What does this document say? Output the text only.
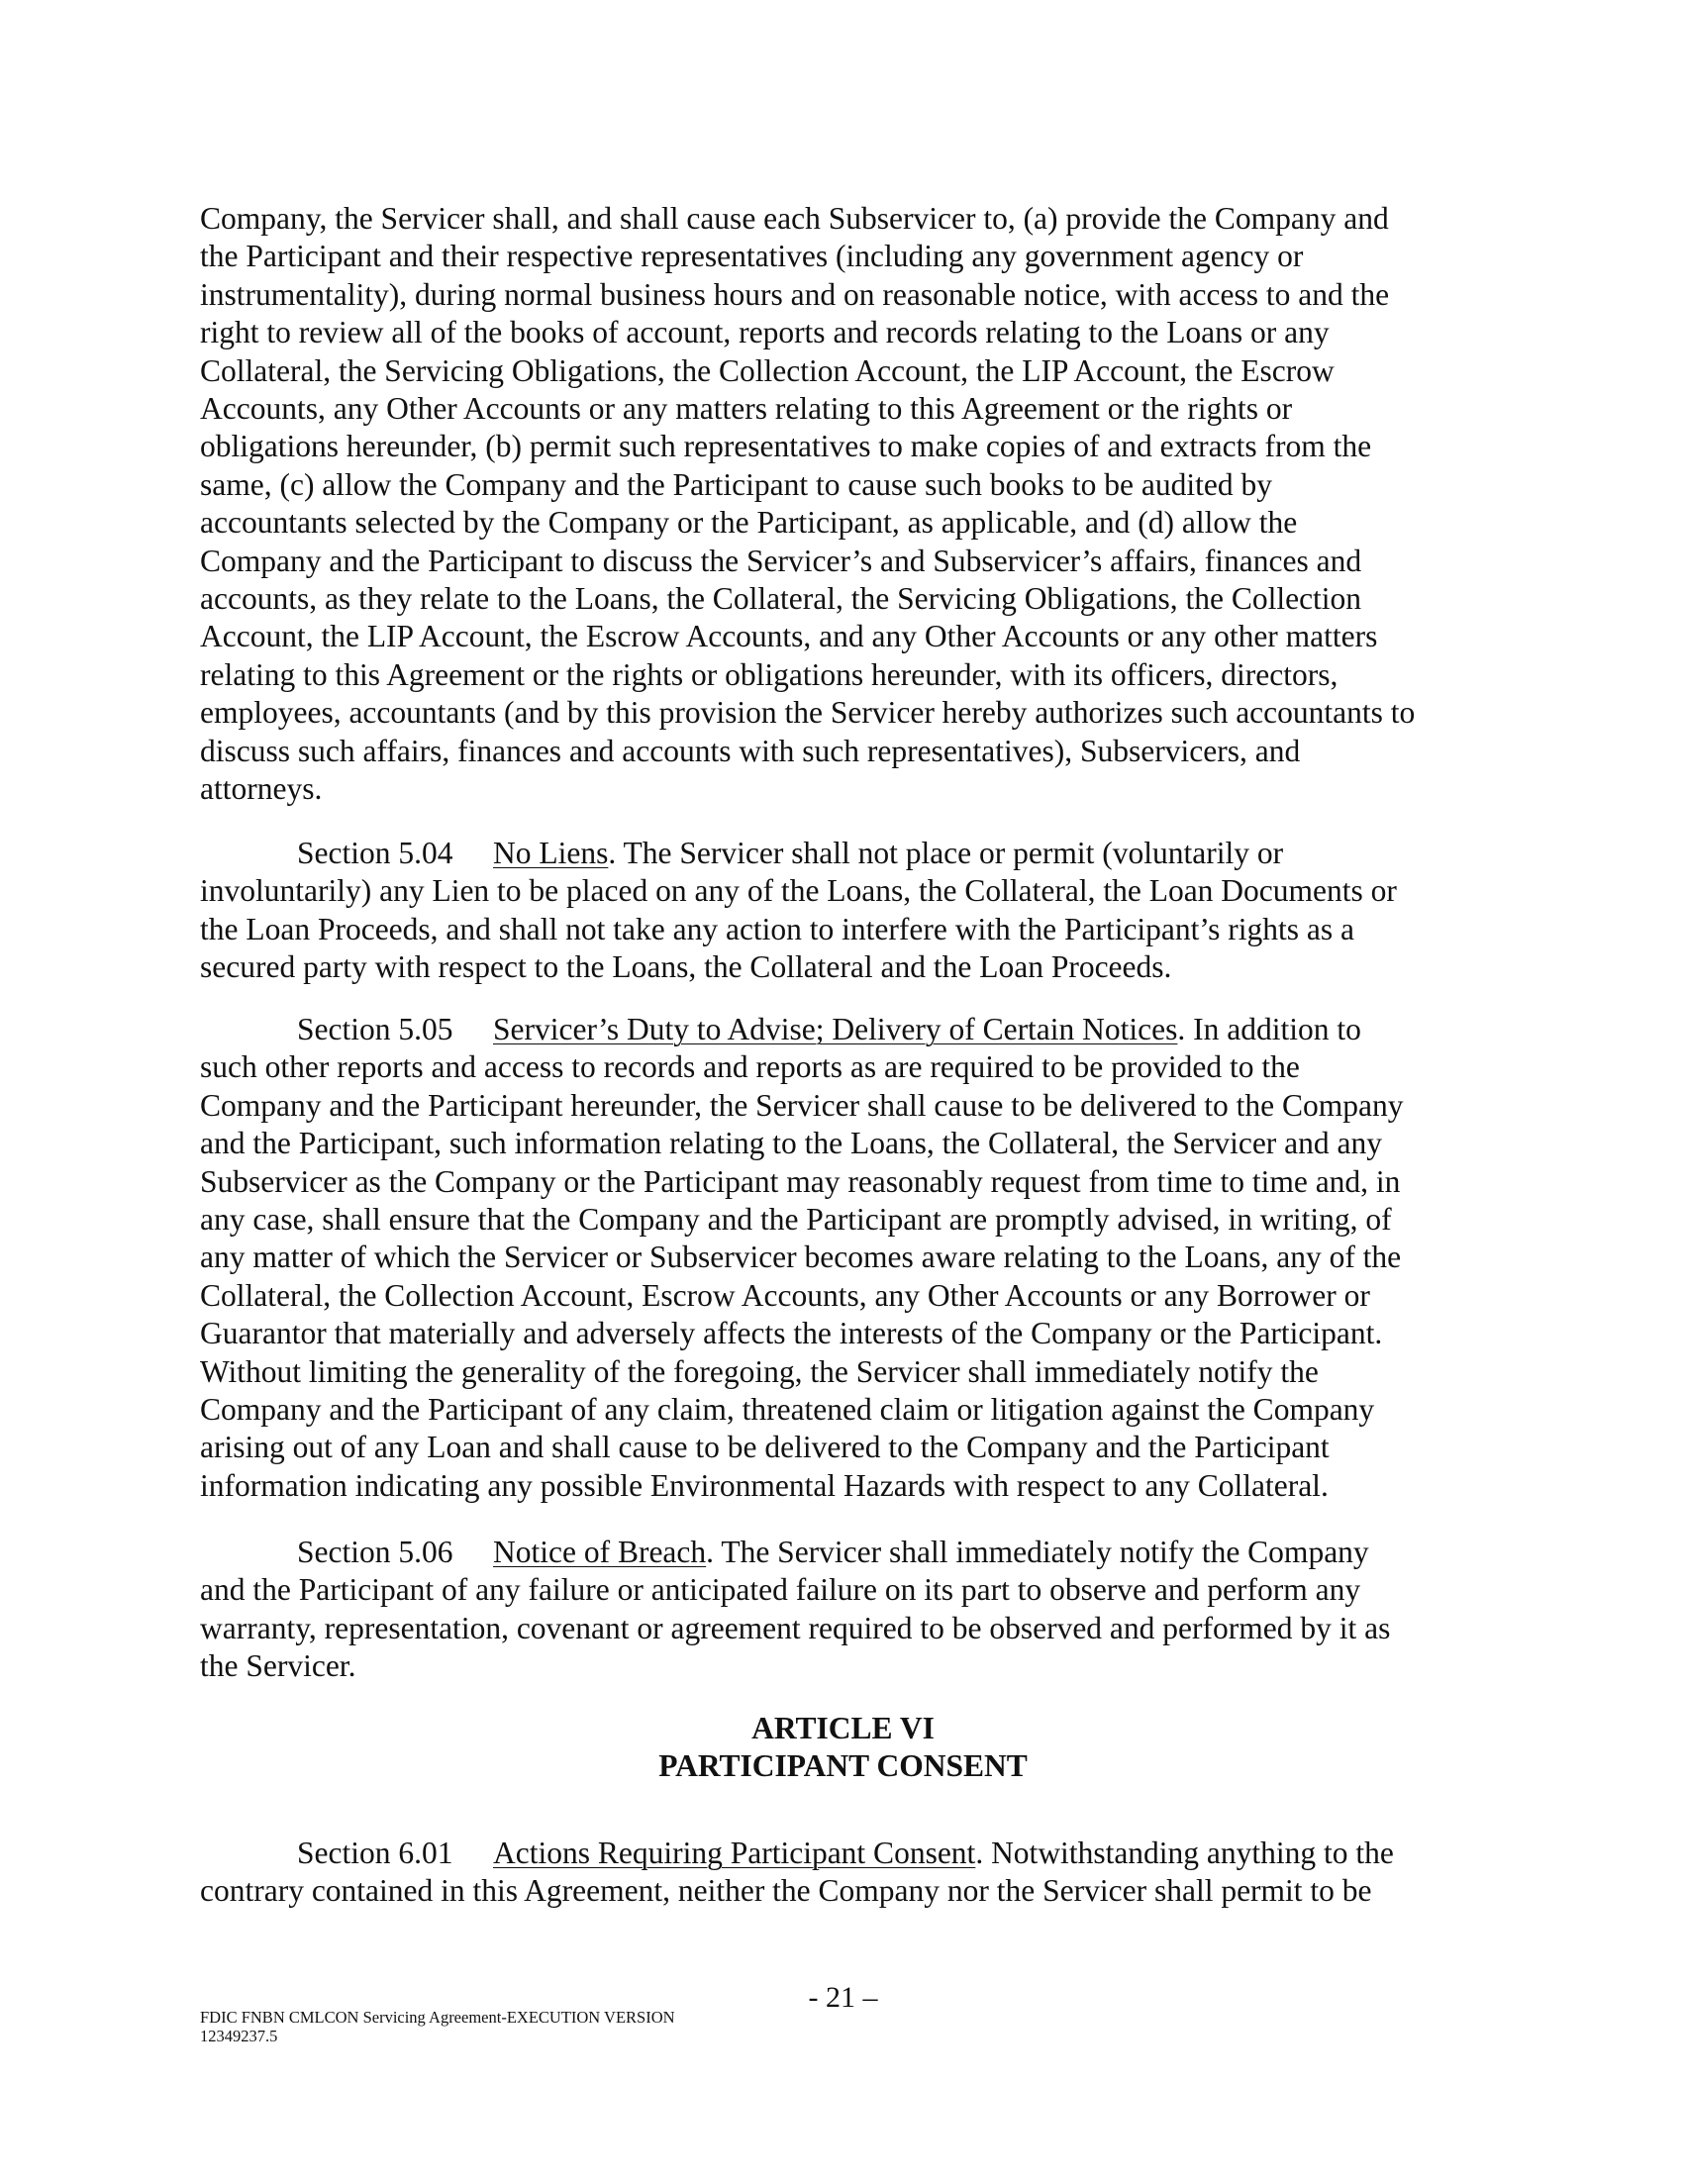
Company, the Servicer shall, and shall cause each Subservicer to, (a) provide the Company and
the Participant and their respective representatives (including any government agency or
instrumentality), during normal business hours and on reasonable notice, with access to and the
right to review all of the books of account, reports and records relating to the Loans or any
Collateral, the Servicing Obligations, the Collection Account, the LIP Account, the Escrow
Accounts, any Other Accounts or any matters relating to this Agreement or the rights or
obligations hereunder, (b) permit such representatives to make copies of and extracts from the
same, (c) allow the Company and the Participant to cause such books to be audited by
accountants selected by the Company or the Participant, as applicable, and (d) allow the
Company and the Participant to discuss the Servicer’s and Subservicer’s affairs, finances and
accounts, as they relate to the Loans, the Collateral, the Servicing Obligations, the Collection
Account, the LIP Account, the Escrow Accounts, and any Other Accounts or any other matters
relating to this Agreement or the rights or obligations hereunder, with its officers, directors,
employees, accountants (and by this provision the Servicer hereby authorizes such accountants to
discuss such affairs, finances and accounts with such representatives), Subservicers, and
attorneys.
Section 5.04 No Liens. The Servicer shall not place or permit (voluntarily or
involuntarily) any Lien to be placed on any of the Loans, the Collateral, the Loan Documents or
the Loan Proceeds, and shall not take any action to interfere with the Participant’s rights as a
secured party with respect to the Loans, the Collateral and the Loan Proceeds.
Section 5.05 Servicer’s Duty to Advise; Delivery of Certain Notices. In addition to
such other reports and access to records and reports as are required to be provided to the
Company and the Participant hereunder, the Servicer shall cause to be delivered to the Company
and the Participant, such information relating to the Loans, the Collateral, the Servicer and any
Subservicer as the Company or the Participant may reasonably request from time to time and, in
any case, shall ensure that the Company and the Participant are promptly advised, in writing, of
any matter of which the Servicer or Subservicer becomes aware relating to the Loans, any of the
Collateral, the Collection Account, Escrow Accounts, any Other Accounts or any Borrower or
Guarantor that materially and adversely affects the interests of the Company or the Participant.
Without limiting the generality of the foregoing, the Servicer shall immediately notify the
Company and the Participant of any claim, threatened claim or litigation against the Company
arising out of any Loan and shall cause to be delivered to the Company and the Participant
information indicating any possible Environmental Hazards with respect to any Collateral.
Section 5.06 Notice of Breach. The Servicer shall immediately notify the Company
and the Participant of any failure or anticipated failure on its part to observe and perform any
warranty, representation, covenant or agreement required to be observed and performed by it as
the Servicer.
ARTICLE VI
PARTICIPANT CONSENT
Section 6.01 Actions Requiring Participant Consent. Notwithstanding anything to the
contrary contained in this Agreement, neither the Company nor the Servicer shall permit to be
- 21 –
FDIC FNBN CMLCON Servicing Agreement-EXECUTION VERSION
12349237.5
